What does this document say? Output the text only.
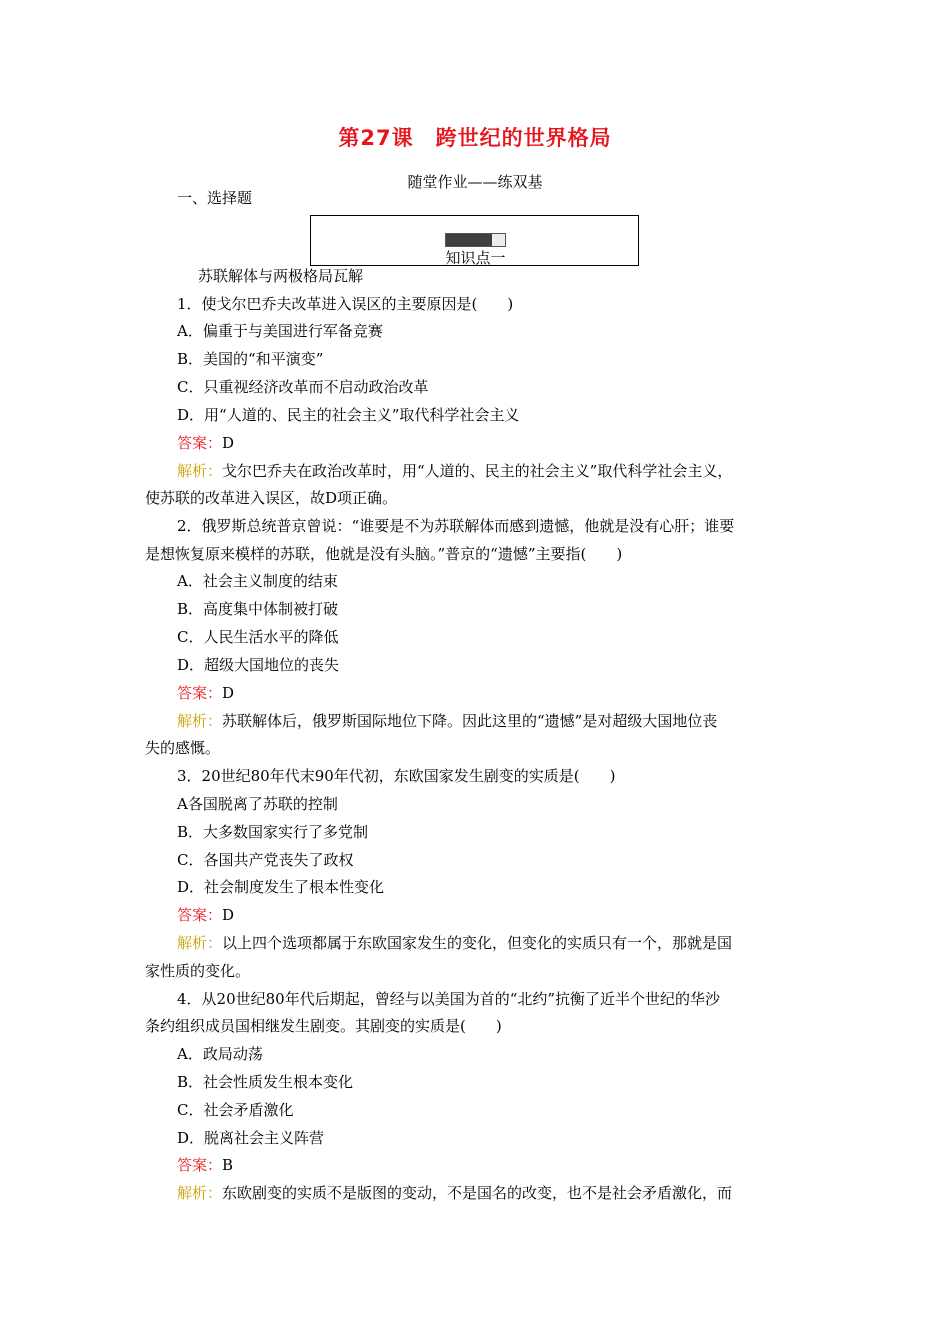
第27课 跨世纪的世界格局
随堂作业——练双基
一、选择题
知识点一
苏联解体与两极格局瓦解
1．使戈尔巴乔夫改革进入误区的主要原因是(　　)
A．偏重于与美国进行军备竞赛
B．美国的“和平演变”
C．只重视经济改革而不启动政治改革
D．用“人道的、民主的社会主义”取代科学社会主义
答案：D
解析：戈尔巴乔夫在政治改革时，用“人道的、民主的社会主义”取代科学社会主义，
使苏联的改革进入误区，故D项正确。
2．俄罗斯总统普京曾说：“谁要是不为苏联解体而感到遗憾，他就是没有心肝；谁要
是想恢复原来模样的苏联，他就是没有头脑。”普京的“遗憾”主要指(　　)
A．社会主义制度的结束
B．高度集中体制被打破
C．人民生活水平的降低
D．超级大国地位的丧失
答案：D
解析：苏联解体后，俄罗斯国际地位下降。因此这里的“遗憾”是对超级大国地位丧
失的感慨。
3．20世纪80年代末90年代初，东欧国家发生剧变的实质是(　　)
A各国脱离了苏联的控制
B．大多数国家实行了多党制
C．各国共产党丧失了政权
D．社会制度发生了根本性变化
答案：D
解析：以上四个选项都属于东欧国家发生的变化，但变化的实质只有一个，那就是国
家性质的变化。
4．从20世纪80年代后期起，曾经与以美国为首的“北约”抗衡了近半个世纪的华沙
条约组织成员国相继发生剧变。其剧变的实质是(　　)
A．政局动荡
B．社会性质发生根本变化
C．社会矛盾激化
D．脱离社会主义阵营
答案：B
解析：东欧剧变的实质不是版图的变动，不是国名的改变，也不是社会矛盾激化，而
